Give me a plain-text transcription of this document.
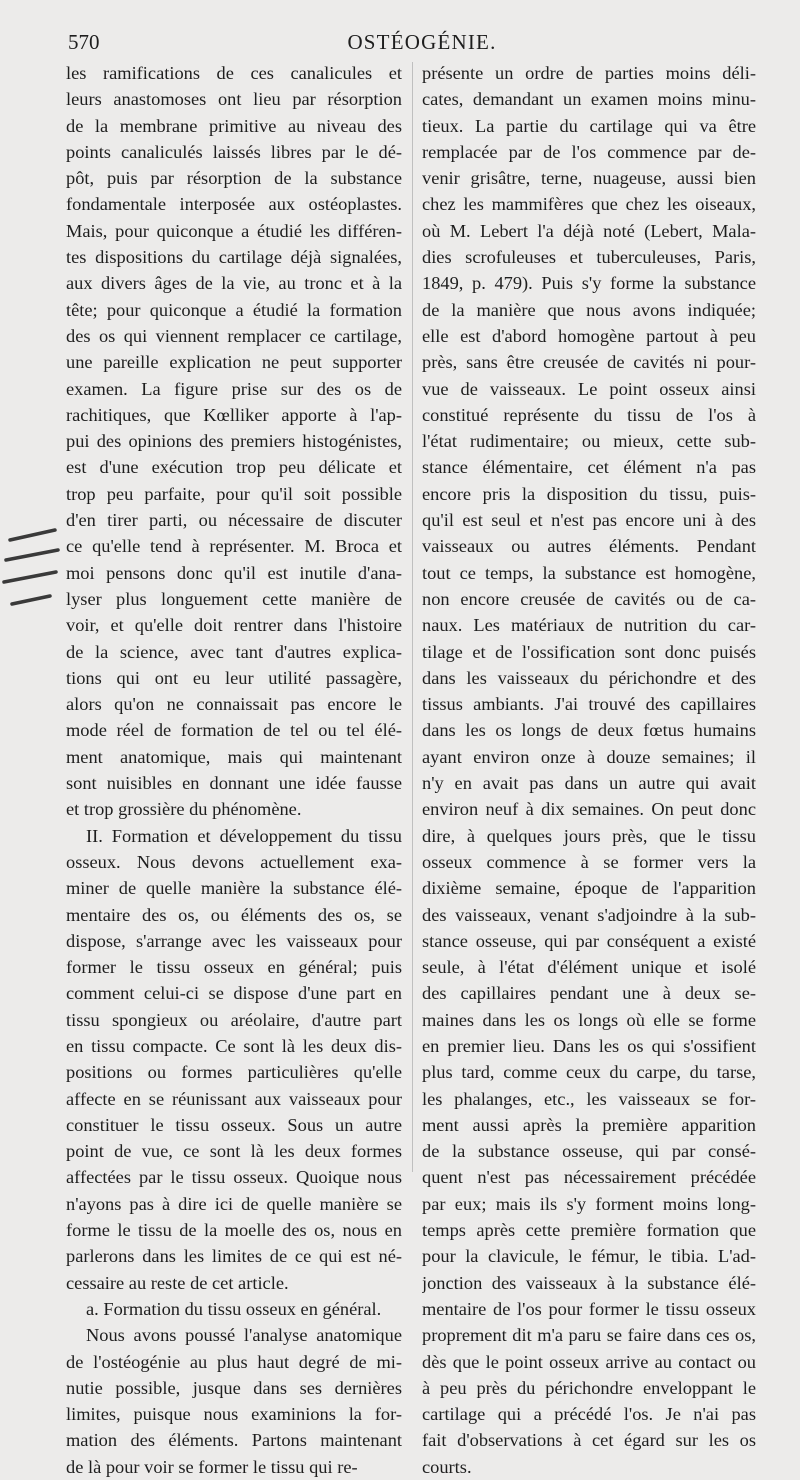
570	OSTÉOGÉNIE.
les ramifications de ces canalicules et
leurs anastomoses ont lieu par résorption
de la membrane primitive au niveau des
points canaliculés laissés libres par le dé-
pôt, puis par résorption de la substance
fondamentale interposée aux ostéoplastes.
Mais, pour quiconque a étudié les différen-
tes dispositions du cartilage déjà signalées,
aux divers âges de la vie, au tronc et à la
tête; pour quiconque a étudié la formation
des os qui viennent remplacer ce cartilage,
une pareille explication ne peut supporter
examen. La figure prise sur des os de
rachitiques, que Kœlliker apporte à l'ap-
pui des opinions des premiers histogénistes,
est d'une exécution trop peu délicate et
trop peu parfaite, pour qu'il soit possible
d'en tirer parti, ou nécessaire de discuter
ce qu'elle tend à représenter. M. Broca et
moi pensons donc qu'il est inutile d'ana-
lyser plus longuement cette manière de
voir, et qu'elle doit rentrer dans l'histoire
de la science, avec tant d'autres explica-
tions qui ont eu leur utilité passagère,
alors qu'on ne connaissait pas encore le
mode réel de formation de tel ou tel élé-
ment anatomique, mais qui maintenant
sont nuisibles en donnant une idée fausse
et trop grossière du phénomène.
II. Formation et développement du tissu
osseux. Nous devons actuellement exa-
miner de quelle manière la substance élé-
mentaire des os, ou éléments des os, se
dispose, s'arrange avec les vaisseaux pour
former le tissu osseux en général; puis
comment celui-ci se dispose d'une part en
tissu spongieux ou aréolaire, d'autre part
en tissu compacte. Ce sont là les deux dis-
positions ou formes particulières qu'elle
affecte en se réunissant aux vaisseaux pour
constituer le tissu osseux. Sous un autre
point de vue, ce sont là les deux formes
affectées par le tissu osseux. Quoique nous
n'ayons pas à dire ici de quelle manière se
forme le tissu de la moelle des os, nous en
parlerons dans les limites de ce qui est né-
cessaire au reste de cet article.
a. Formation du tissu osseux en général.
Nous avons poussé l'analyse anatomique
de l'ostéogénie au plus haut degré de mi-
nutie possible, jusque dans ses dernières
limites, puisque nous examinions la for-
mation des éléments. Partons maintenant
de là pour voir se former le tissu qui re-
présente un ordre de parties moins déli-
cates, demandant un examen moins minu-
tieux. La partie du cartilage qui va être
remplacée par de l'os commence par de-
venir grisâtre, terne, nuageuse, aussi bien
chez les mammifères que chez les oiseaux,
où M. Lebert l'a déjà noté (Lebert, Mala-
dies scrofuleuses et tuberculeuses, Paris,
1849, p. 479). Puis s'y forme la substance
de la manière que nous avons indiquée;
elle est d'abord homogène partout à peu
près, sans être creusée de cavités ni pour-
vue de vaisseaux. Le point osseux ainsi
constitué représente du tissu de l'os à
l'état rudimentaire; ou mieux, cette sub-
stance élémentaire, cet élément n'a pas
encore pris la disposition du tissu, puis-
qu'il est seul et n'est pas encore uni à des
vaisseaux ou autres éléments. Pendant
tout ce temps, la substance est homogène,
non encore creusée de cavités ou de ca-
naux. Les matériaux de nutrition du car-
tilage et de l'ossification sont donc puisés
dans les vaisseaux du périchondre et des
tissus ambiants. J'ai trouvé des capillaires
dans les os longs de deux fœtus humains
ayant environ onze à douze semaines; il
n'y en avait pas dans un autre qui avait
environ neuf à dix semaines. On peut donc
dire, à quelques jours près, que le tissu
osseux commence à se former vers la
dixième semaine, époque de l'apparition
des vaisseaux, venant s'adjoindre à la sub-
stance osseuse, qui par conséquent a existé
seule, à l'état d'élément unique et isolé
des capillaires pendant une à deux se-
maines dans les os longs où elle se forme
en premier lieu. Dans les os qui s'ossifient
plus tard, comme ceux du carpe, du tarse,
les phalanges, etc., les vaisseaux se for-
ment aussi après la première apparition
de la substance osseuse, qui par consé-
quent n'est pas nécessairement précédée
par eux; mais ils s'y forment moins long-
temps après cette première formation que
pour la clavicule, le fémur, le tibia. L'ad-
jonction des vaisseaux à la substance élé-
mentaire de l'os pour former le tissu osseux
proprement dit m'a paru se faire dans ces os,
dès que le point osseux arrive au contact ou
à peu près du périchondre enveloppant le
cartilage qui a précédé l'os. Je n'ai pas
fait d'observations à cet égard sur les os
courts.
